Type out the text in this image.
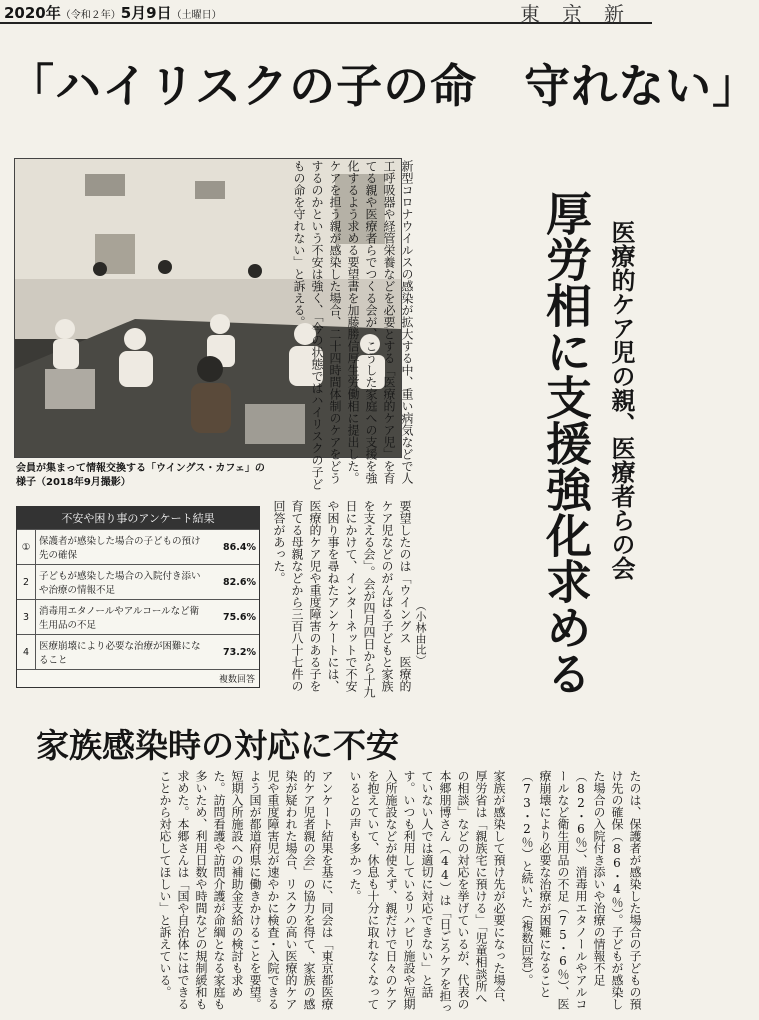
2020年（令和２年）5月9日（土曜日）	東京新
「ハイリスクの子の命　守れない」
会員が集まって情報交換する「ウイングス・カフェ」の様子（2018年9月撮影）
不安や困り事のアンケート結果
①	保護者が感染した場合の子どもの預け先の確保	86.4%
2	子どもが感染した場合の入院付き添いや治療の情報不足	82.6%
3	消毒用エタノールやアルコールなど衛生用品の不足	75.6%
4	医療崩壊により必要な治療が困難になること	73.2%
複数回答
新型コロナウイルスの感染が拡大する中、重い病気などで人工呼吸器や経管栄養などを必要とする「医療的ケア児」を育てる親や医療者らでつくる会が、こうした家庭への支援を強化するよう求める要望書を加藤勝信厚生労働相に提出した。ケアを担う親が感染した場合、二十四時間体制のケアをどうするのかという不安は強く、「今の状態ではハイリスクの子どもの命を守れない」と訴える。
（小林由比）
要望したのは「ウイングス　医療的ケア児などのがんばる子どもと家族を支える会」。会が四月四日から十九日にかけて、インターネットで不安や困り事を尋ねたアンケートには、医療的ケア児や重度障害のある子を育てる母親などから三百八十七件の回答があった。	医療的ケア児の親、医療者らの会
厚労相に支援強化求める
家族感染時の対応に不安

たのは、保護者が感染した場合の子どもの預け先の確保（86・4％）。子どもが感染した場合の入院付き添いや治療の情報不足（82・6％）、消毒用エタノールやアルコールなど衛生用品の不足（75・6％）、医療崩壊により必要な治療が困難になること（73・2％）と続いた（複数回答）。

家族が感染して預け先が必要になった場合、厚労省は「親族宅に預ける」「児童相談所への相談」などの対応を挙げているが、代表の本郷朋博さん（44）は「日ごろケアを担っていない人では適切に対応できない」と話す。いつも利用しているリハビリ施設や短期入所施設などが使えず、親だけで日々のケアを抱えていて、休息も十分に取れなくなっているとの声も多かった。

アンケート結果を基に、同会は「東京都医療的ケア児者親の会」の協力を得て、家族の感染が疑われた場合、リスクの高い医療的ケア児や重度障害児が速やかに検査・入院できるよう国が都道府県に働きかけることを要望。短期入所施設への補助金支給の検討も求めた。訪問看護や訪問介護が命綱となる家庭も多いため、利用日数や時間などの規制緩和も求めた。本郷さんは「国や自治体にはできることから対応してほしい」と訴えている。
